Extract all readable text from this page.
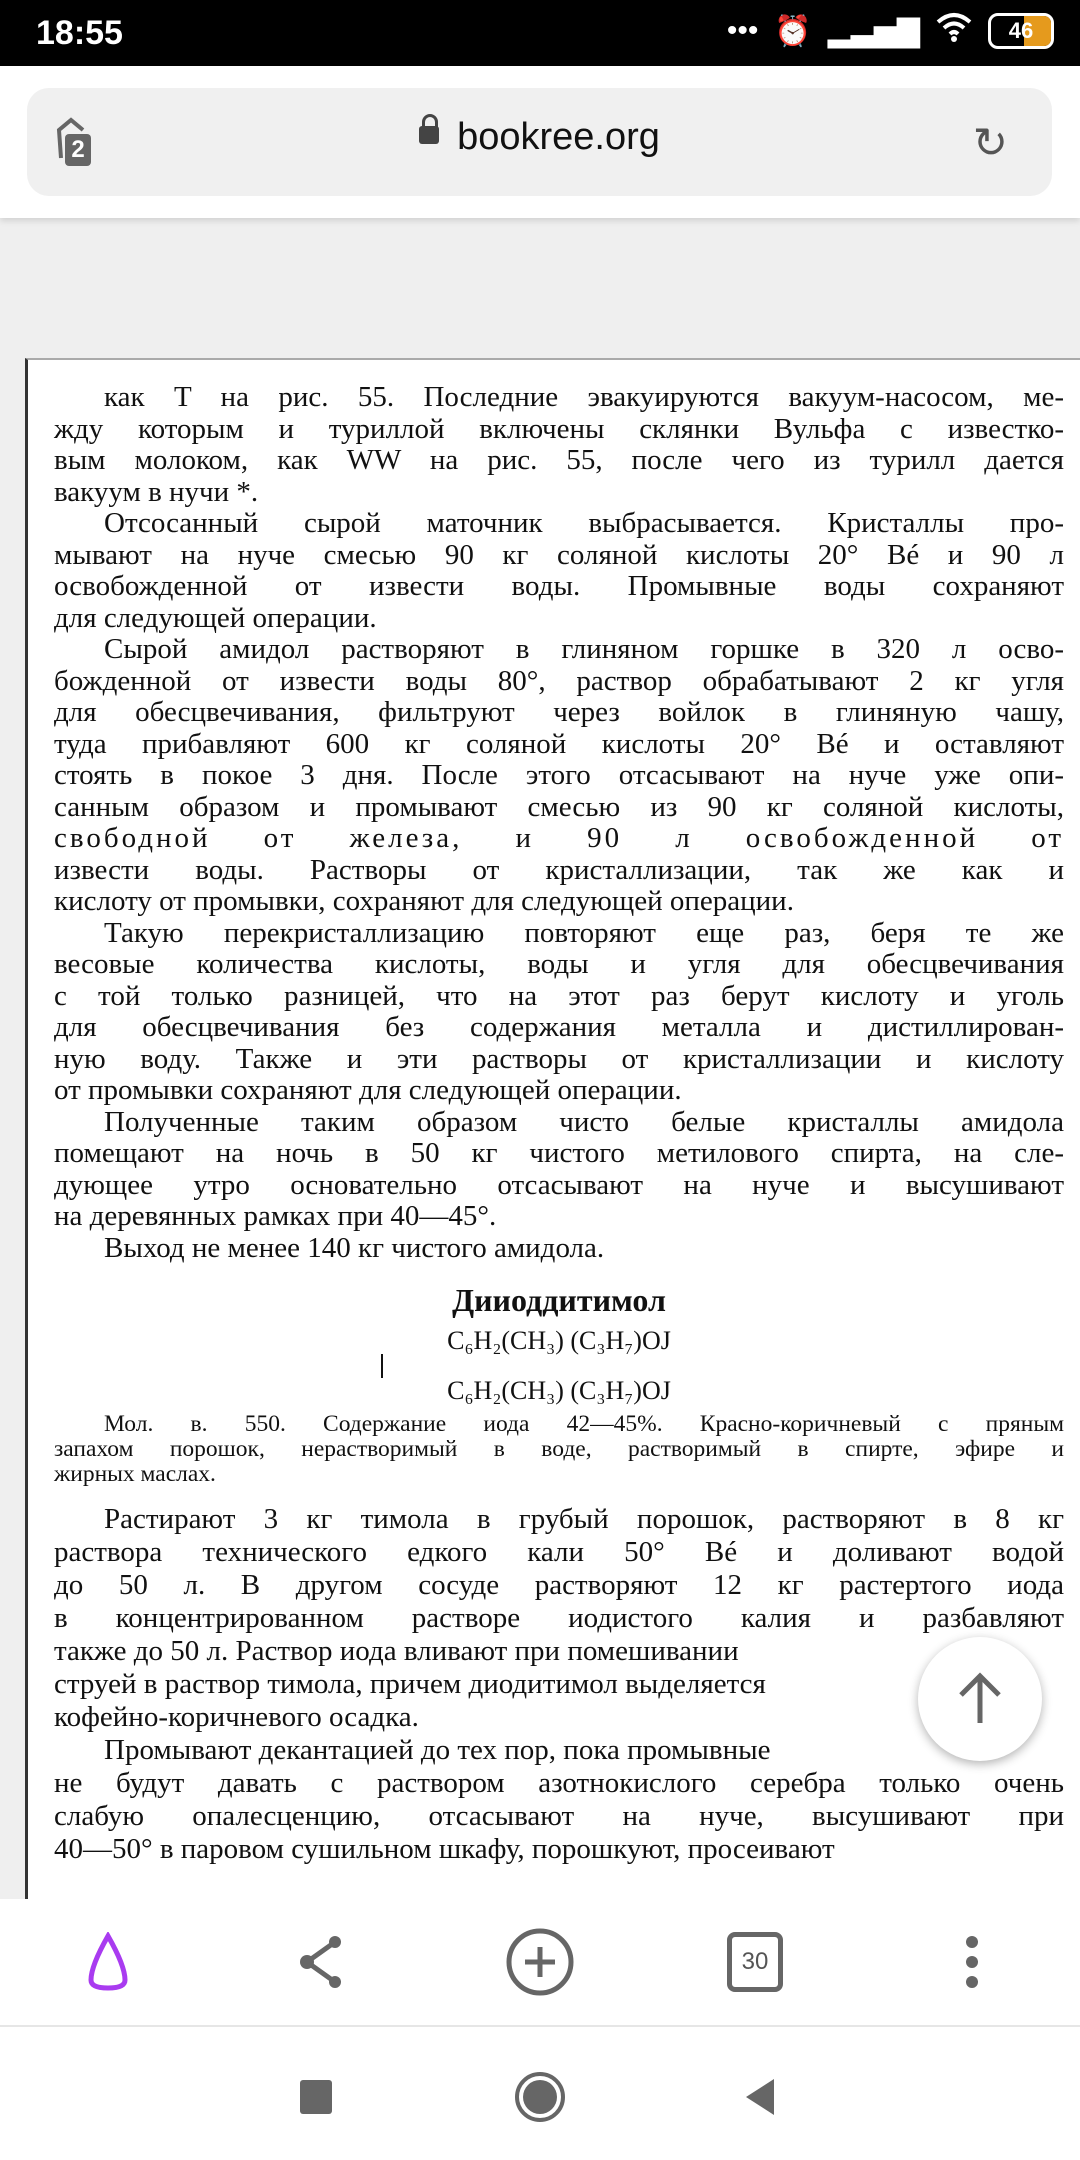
18:55	••• ⏰ ▂▃▅▇	46
2	bookree.org	↻
как T на рис. 55. Последние эвакуируются вакуум-насосом, ме-
жду которым и туриллой включены склянки Вульфа с известко-
вым молоком, как WW на рис. 55, после чего из турилл дается
вакуум в нучи *.
Отсосанный сырой маточник выбрасывается. Кристаллы про-
мывают на нуче смесью 90 кг соляной кислоты 20° Bé и 90 л
освобожденной от извести воды. Промывные воды сохраняют
для следующей операции.
Сырой амидол растворяют в глиняном горшке в 320 л осво-
божденной от извести воды 80°, раствор обрабатывают 2 кг угля
для обесцвечивания, фильтруют через войлок в глиняную чашу,
туда прибавляют 600 кг соляной кислоты 20° Bé и оставляют
стоять в покое 3 дня. После этого отсасывают на нуче уже опи-
санным образом и промывают смесью из 90 кг соляной кислоты,
свободной от железа, и 90 л освобожденной от
извести воды. Растворы от кристаллизации, так же как и
кислоту от промывки, сохраняют для следующей операции.
Такую перекристаллизацию повторяют еще раз, беря те же
весовые количества кислоты, воды и угля для обесцвечивания
с той только разницей, что на этот раз берут кислоту и уголь
для обесцвечивания без содержания металла и дистиллирован-
ную воду. Также и эти растворы от кристаллизации и кислоту
от промывки сохраняют для следующей операции.
Полученные таким образом чисто белые кристаллы амидола
помещают на ночь в 50 кг чистого метилового спирта, на сле-
дующее утро основательно отсасывают на нуче и высушивают
на деревянных рамках при 40—45°.
Выход не менее 140 кг чистого амидола.
Дииоддитимол
C₆H₂(CH₃) (C₃H₇)OJ
C₆H₂(CH₃) (C₃H₇)OJ
Мол. в. 550. Содержание иода 42—45%. Красно-коричневый с пряным
запахом порошок, нерастворимый в воде, растворимый в спирте, эфире и
жирных маслах.
Растирают 3 кг тимола в грубый порошок, растворяют в 8 кг
раствора технического едкого кали 50° Bé и доливают водой
до 50 л. В другом сосуде растворяют 12 кг растертого иода
в концентрированном растворе иодистого калия и разбавляют
также до 50 л. Раствор иода вливают при помешивании
струей в раствор тимола, причем диодитимол выделяется
кофейно-коричневого осадка.
Промывают декантацией до тех пор, пока промывные
не будут давать с раствором азотнокислого серебра только очень
слабую опалесценцию, отсасывают на нуче, высушивают при
40—50° в паровом сушильном шкафу, порошкуют, просеивают
30
